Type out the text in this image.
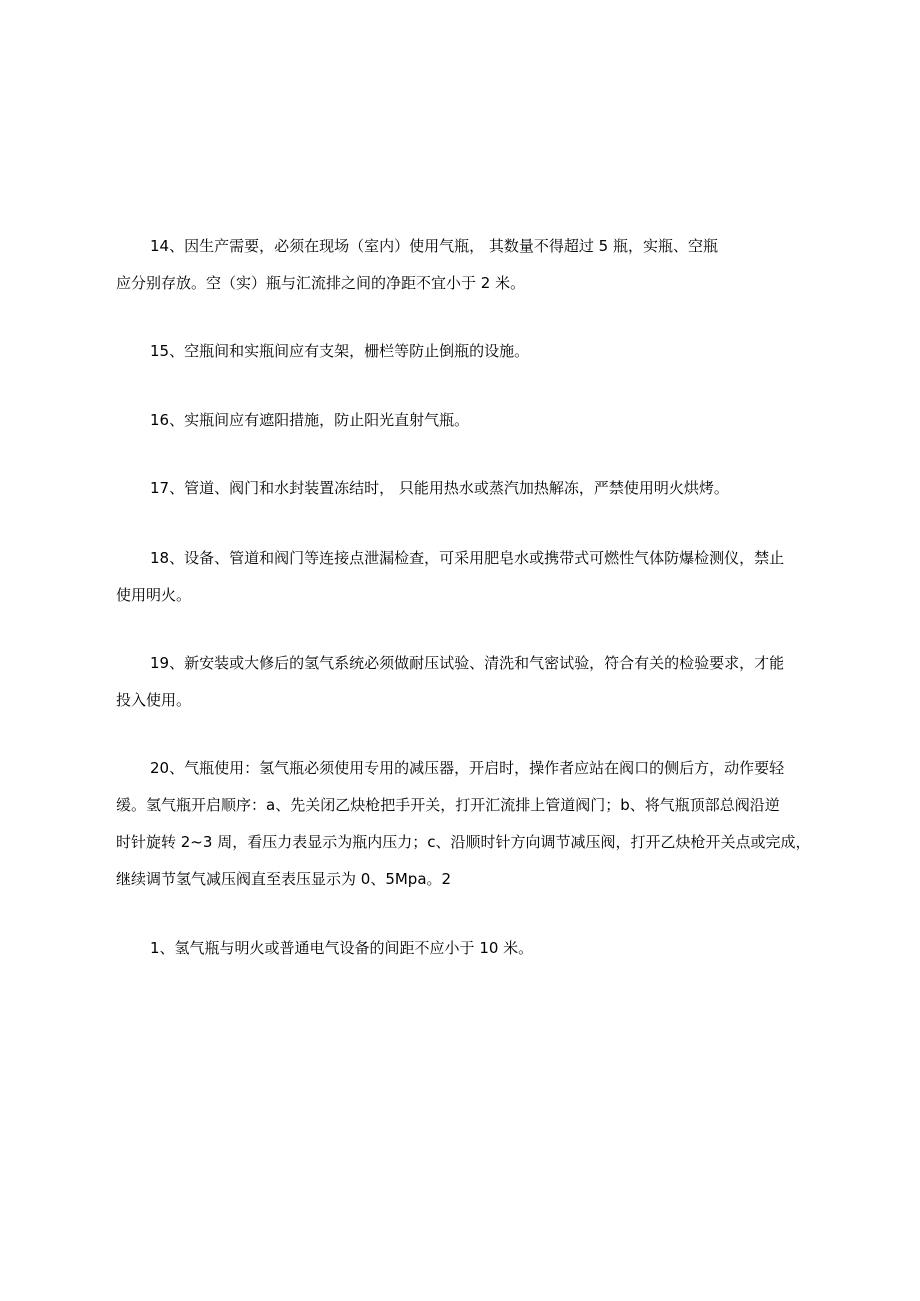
14、因生产需要，必须在现场（室内）使用气瓶， 其数量不得超过 5 瓶，实瓶、空瓶
应分别存放。空（实）瓶与汇流排之间的净距不宜小于 2 米。
15、空瓶间和实瓶间应有支架，栅栏等防止倒瓶的设施。
16、实瓶间应有遮阳措施，防止阳光直射气瓶。
17、管道、阀门和水封装置冻结时， 只能用热水或蒸汽加热解冻，严禁使用明火烘烤。
18、设备、管道和阀门等连接点泄漏检查，可采用肥皂水或携带式可燃性气体防爆检测仪，禁止
使用明火。
19、新安装或大修后的氢气系统必须做耐压试验、清洗和气密试验，符合有关的检验要求，才能
投入使用。
20、气瓶使用：氢气瓶必须使用专用的减压器，开启时，操作者应站在阀口的侧后方，动作要轻
缓。氢气瓶开启顺序：a、先关闭乙炔枪把手开关，打开汇流排上管道阀门；b、将气瓶顶部总阀沿逆
时针旋转 2~3 周，看压力表显示为瓶内压力；c、沿顺时针方向调节减压阀，打开乙炔枪开关点或完成，
继续调节氢气减压阀直至表压显示为 0、5Mpa。2
1、氢气瓶与明火或普通电气设备的间距不应小于 10 米。
